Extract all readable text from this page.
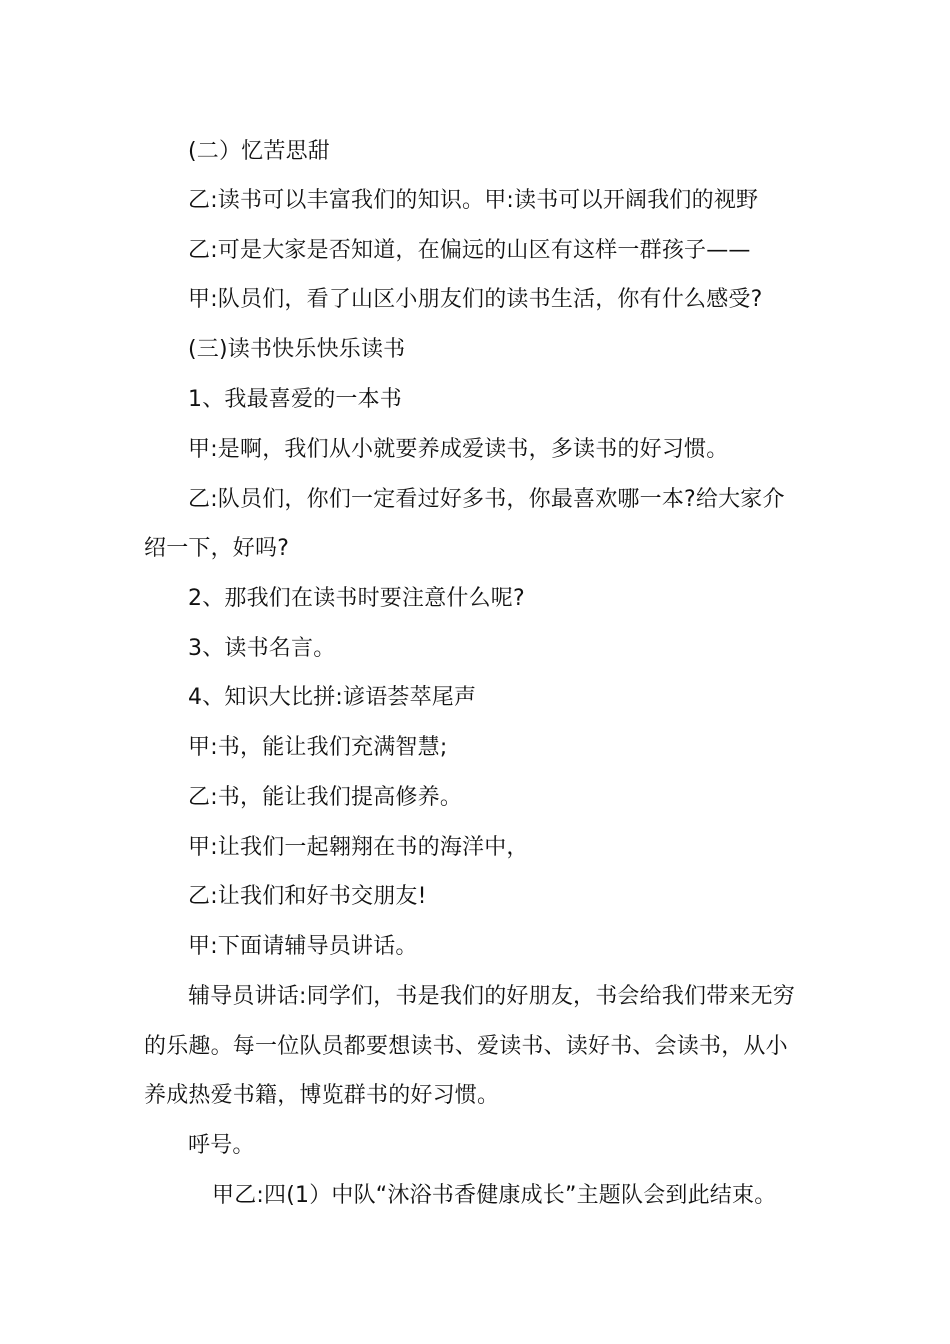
(二）忆苦思甜
乙:读书可以丰富我们的知识。甲:读书可以开阔我们的视野
乙:可是大家是否知道，在偏远的山区有这样一群孩子——
甲:队员们，看了山区小朋友们的读书生活，你有什么感受?
(三)读书快乐快乐读书
1、我最喜爱的一本书
甲:是啊，我们从小就要养成爱读书，多读书的好习惯。
乙:队员们，你们一定看过好多书，你最喜欢哪一本?给大家介
绍一下，好吗?
2、那我们在读书时要注意什么呢?
3、读书名言。
4、知识大比拼:谚语荟萃尾声
甲:书，能让我们充满智慧;
乙:书，能让我们提高修养。
甲:让我们一起翱翔在书的海洋中，
乙:让我们和好书交朋友!
甲:下面请辅导员讲话。
辅导员讲话:同学们，书是我们的好朋友，书会给我们带来无穷
的乐趣。每一位队员都要想读书、爱读书、读好书、会读书，从小
养成热爱书籍，博览群书的好习惯。
呼号。
甲乙:四(1）中队“沐浴书香健康成长”主题队会到此结束。
